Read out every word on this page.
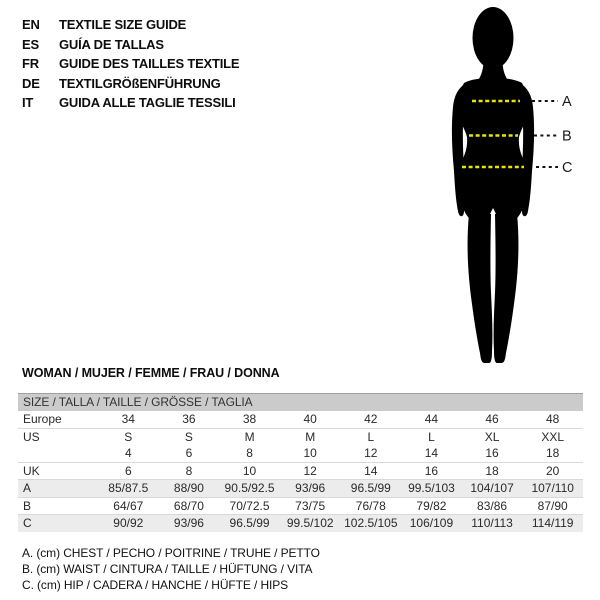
EN	TEXTILE SIZE GUIDE
ES	GUÍA DE TALLAS
FR	GUIDE DES TAILLES TEXTILE
DE	TEXTILGRÖßENFÜHRUNG
IT	GUIDA ALLE TAGLIE TESSILI	A
B
C
WOMAN / MUJER / FEMME / FRAU / DONNA
SIZE / TALLA / TAILLE / GRÖSSE / TAGLIA
Europe	34	36	38	40	42	44	46	48
US	S	S	M	M	L	L	XL	XXL
4	6	8	10	12	14	16	18
UK	6	8	10	12	14	16	18	20
A	85/87.5	88/90	90.5/92.5	93/96	96.5/99	99.5/103	104/107	107/110
B	64/67	68/70	70/72.5	73/75	76/78	79/82	83/86	87/90
C	90/92	93/96	96.5/99	99.5/102 102.5/105	106/109	110/113	114/119
A. (cm) CHEST / PECHO / POITRINE / TRUHE / PETTO
B. (cm) WAIST / CINTURA / TAILLE / HÜFTUNG / VITA
C. (cm) HIP / CADERA / HANCHE / HÜFTE / HIPS
